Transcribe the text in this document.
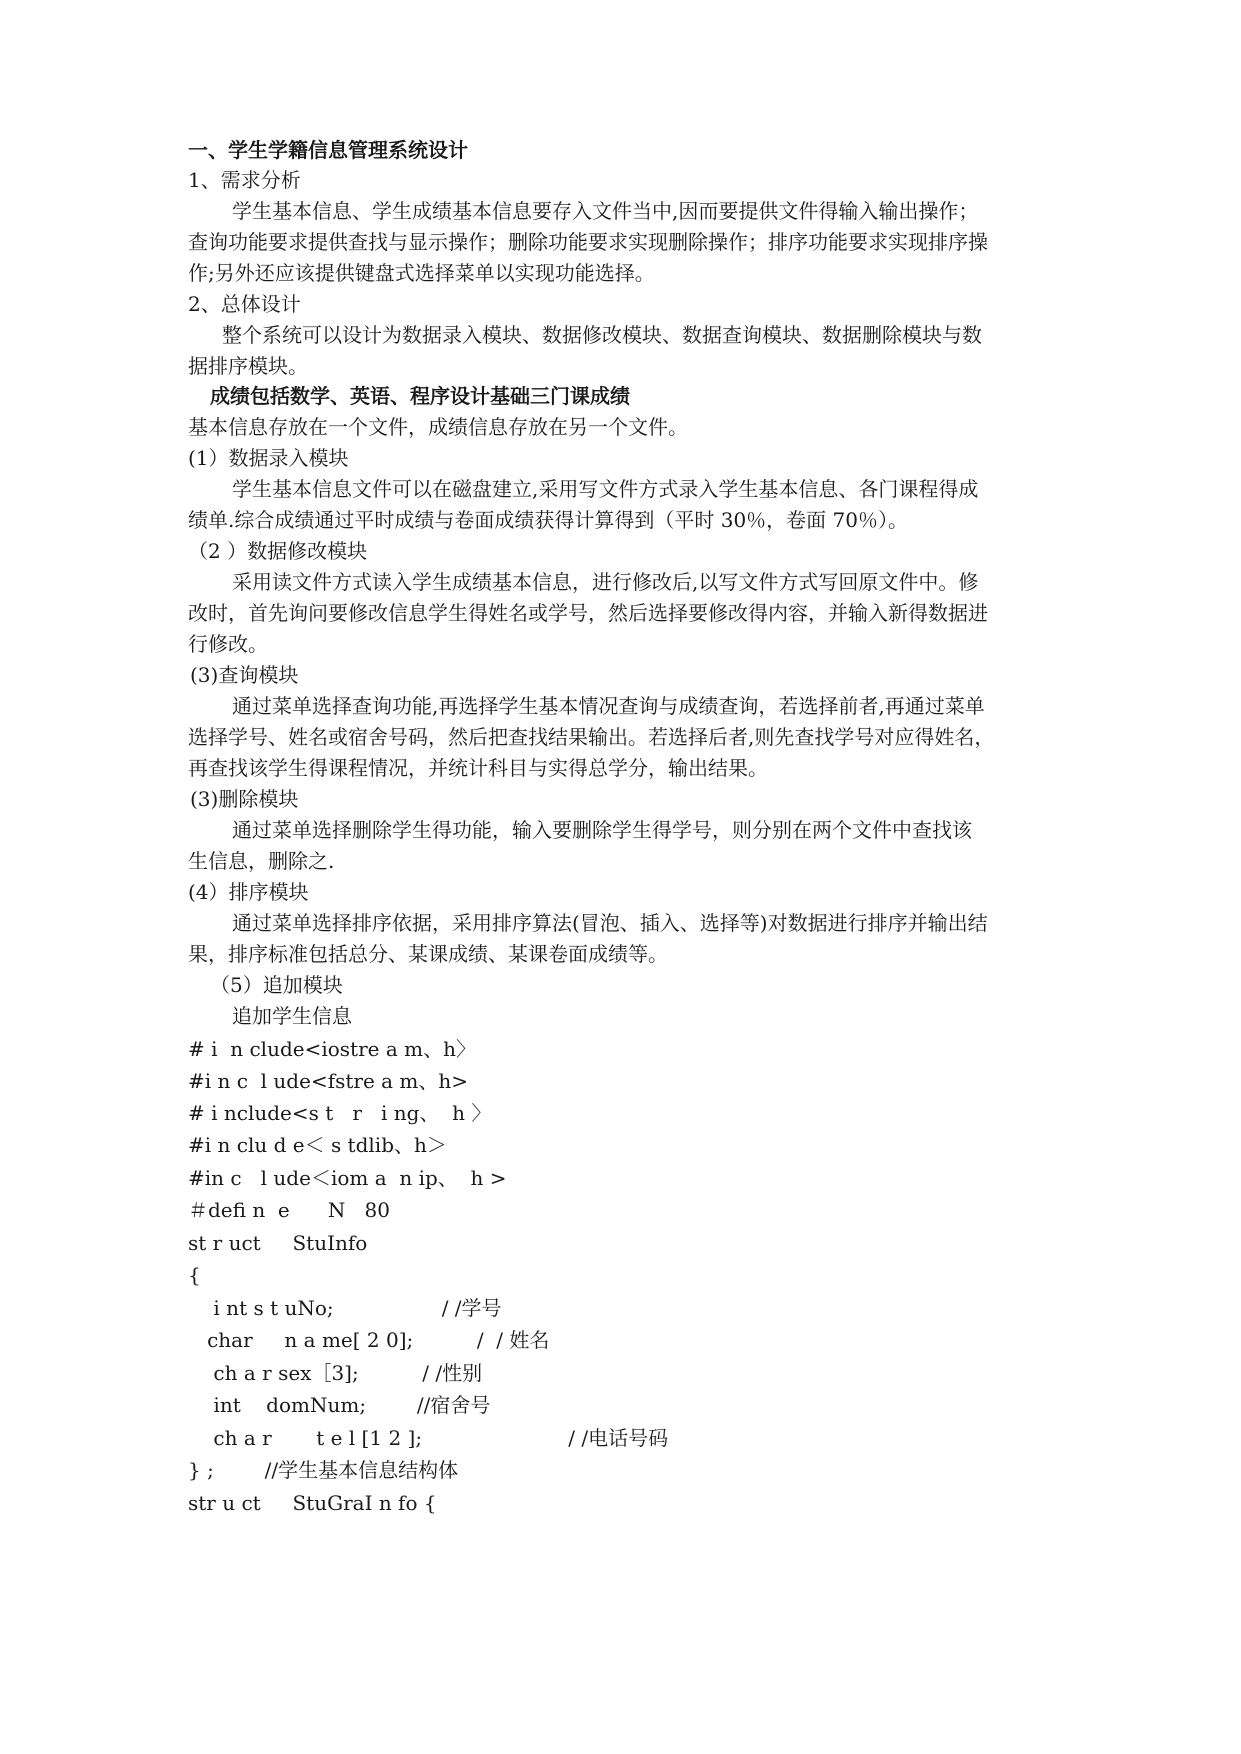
一、学生学籍信息管理系统设计
1、需求分析
学生基本信息、学生成绩基本信息要存入文件当中,因而要提供文件得输入输出操作；
查询功能要求提供查找与显示操作；删除功能要求实现删除操作；排序功能要求实现排序操
作;另外还应该提供键盘式选择菜单以实现功能选择。
2、总体设计
整个系统可以设计为数据录入模块、数据修改模块、数据查询模块、数据删除模块与数
据排序模块。
成绩包括数学、英语、程序设计基础三门课成绩
基本信息存放在一个文件，成绩信息存放在另一个文件。
(1）数据录入模块
学生基本信息文件可以在磁盘建立,采用写文件方式录入学生基本信息、各门课程得成
绩单.综合成绩通过平时成绩与卷面成绩获得计算得到（平时 30％，卷面 70％）。
（2 ）数据修改模块
采用读文件方式读入学生成绩基本信息，进行修改后,以写文件方式写回原文件中。修
改时，首先询问要修改信息学生得姓名或学号，然后选择要修改得内容，并输入新得数据进
行修改。
(3)查询模块
通过菜单选择查询功能,再选择学生基本情况查询与成绩查询，若选择前者,再通过菜单
选择学号、姓名或宿舍号码，然后把查找结果输出。若选择后者,则先查找学号对应得姓名，
再查找该学生得课程情况，并统计科目与实得总学分，输出结果。
(3)删除模块
通过菜单选择删除学生得功能，输入要删除学生得学号，则分别在两个文件中查找该
生信息，删除之.
(4）排序模块
通过菜单选择排序依据，采用排序算法(冒泡、插入、选择等)对数据进行排序并输出结
果，排序标准包括总分、某课成绩、某课卷面成绩等。
（5）追加模块
追加学生信息
# i  n clude<iostre a m、h〉
#i n c  l ude<fstre a m、h>
# i nclude<s t   r   i ng、  h 〉
#i n clu d e＜ s tdlib、h＞
#in c   l ude＜iom a  n ip、  h >
＃defi n  e      N   80
st r uct     StuInfo
{
i nt s t uNo;                 / /学号
char     n a me[ 2 0];          /  / 姓名
ch a r sex［3];          / /性别
int    domNum;        //宿舍号
ch a r       t e l [1 2 ];                       / /电话号码
} ;        //学生基本信息结构体
str u ct     StuGraI n fo {
